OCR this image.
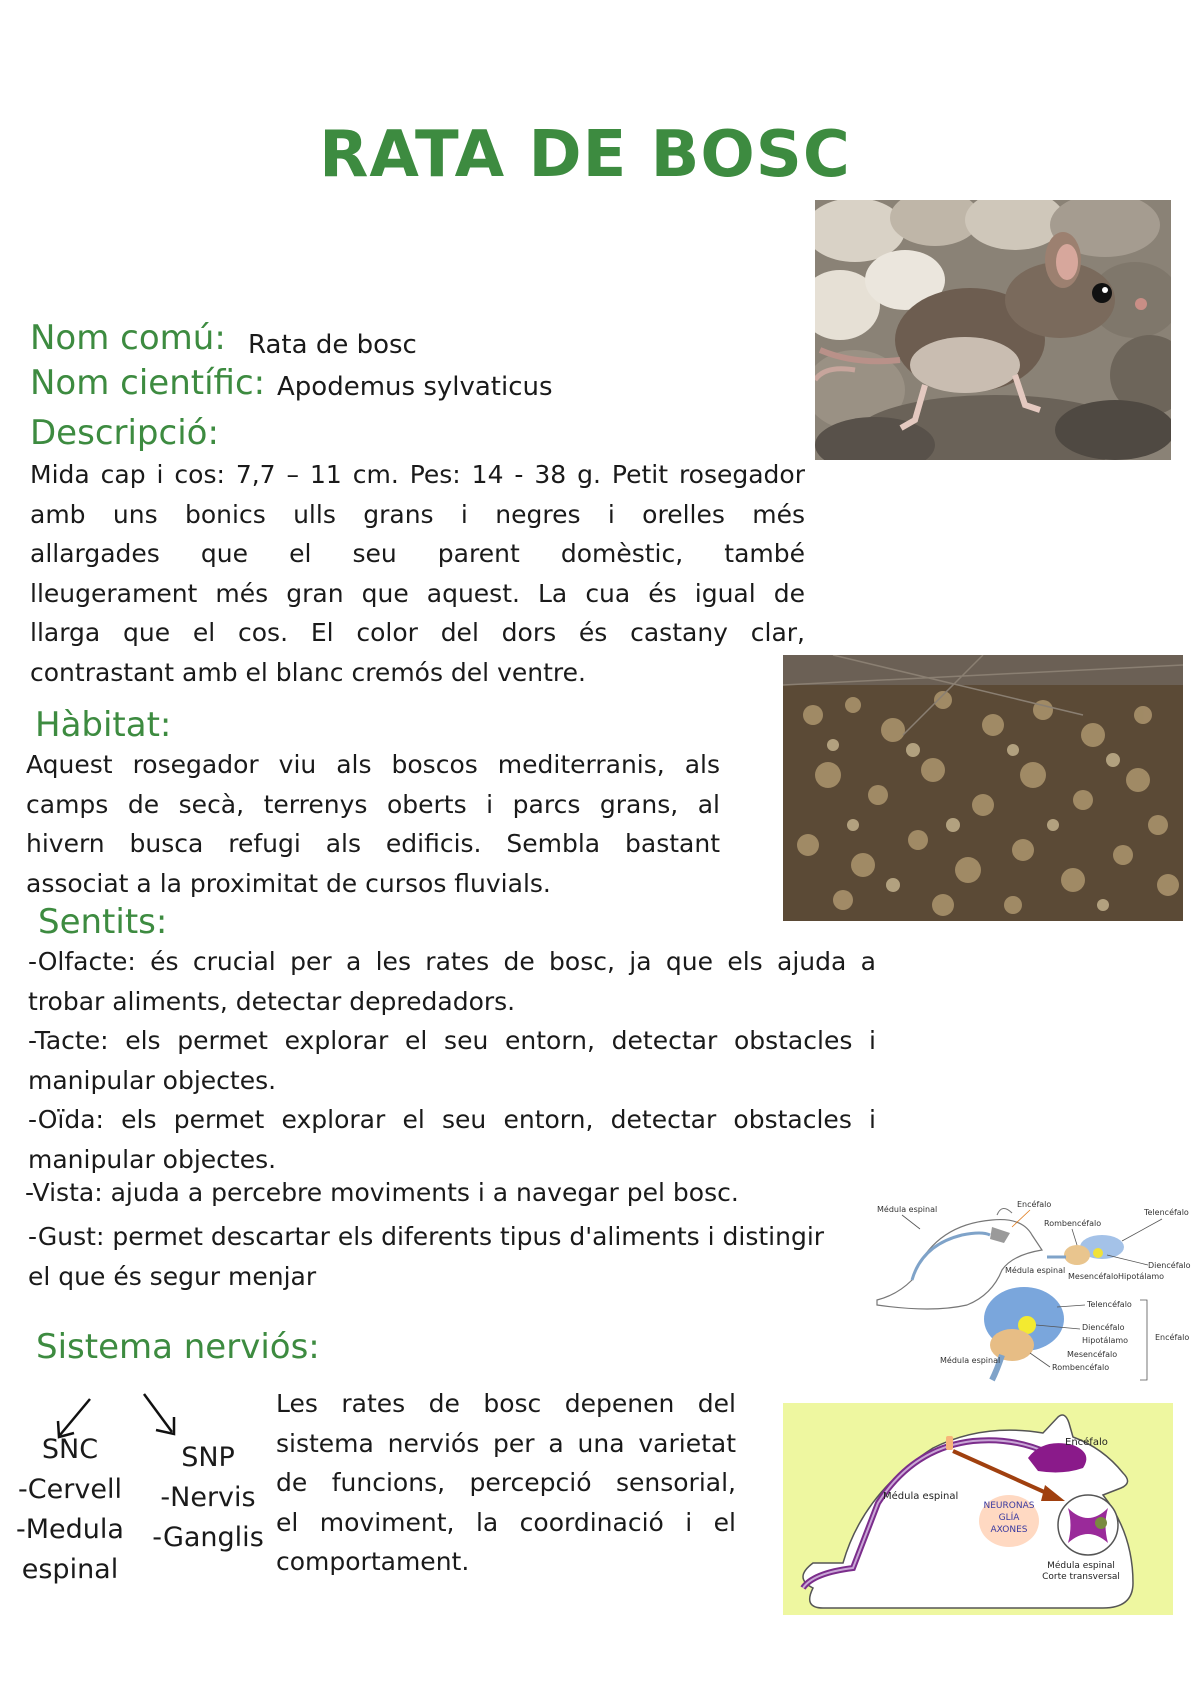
RATA DE BOSC
Nom comú: Rata de bosc
Nom científic: Apodemus sylvaticus
Descripció:
Mida cap i cos: 7,7 – 11 cm. Pes: 14 - 38 g. Petit rosegador
amb uns bonics ulls grans i negres i orelles més
allargades que el seu parent domèstic, també
lleugerament més gran que aquest. La cua és igual de
llarga que el cos. El color del dors és castany clar,
contrastant amb el blanc cremós del ventre.
Hàbitat:
Aquest rosegador viu als boscos mediterranis, als
camps de secà, terrenys oberts i parcs grans, al
hivern busca refugi als edificis. Sembla bastant
associat a la proximitat de cursos fluvials.
Sentits:
-Olfacte: és crucial per a les rates de bosc, ja que els ajuda a
trobar aliments, detectar depredadors.
-Tacte: els permet explorar el seu entorn, detectar obstacles i
manipular objectes.
-Oïda: els permet explorar el seu entorn, detectar obstacles i
manipular objectes.
-Vista: ajuda a percebre moviments i a navegar pel bosc.
-Gust: permet descartar els diferents tipus d'aliments i distingir
el que és segur menjar
Médula espinal
Encéfalo
Telencéfalo
Rombencéfalo
Médula espinal
Mesencéfalo Hipotálamo
Diencéfalo
Telencéfalo
Diencéfalo
Hipotálamo
Mesencéfalo
Rombencéfalo
Médula espinal
Encéfalo
Sistema nerviós:
SNC
-Cervell
-Medula
espinal
SNP
-Nervis
-Ganglis
Les rates de bosc depenen del
sistema nerviós per a una varietat
de funcions, percepció sensorial,
el moviment, la coordinació i el
comportament.
NEURONAS
GLÍA
AXONES
Encéfalo
Médula espinal
Médula espinal
Corte transversal
